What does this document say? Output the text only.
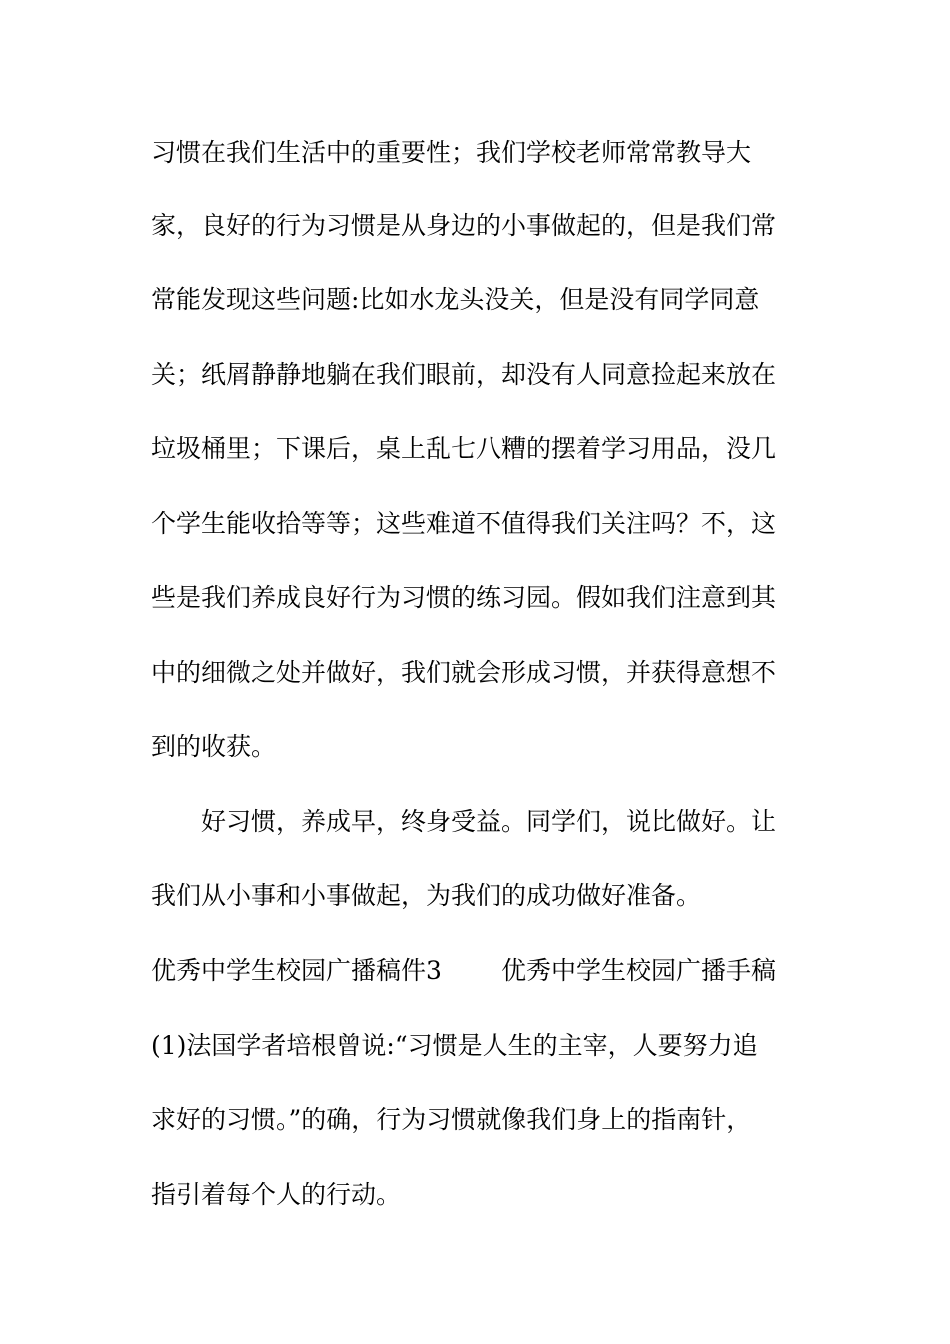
习惯在我们生活中的重要性；我们学校老师常常教导大
家，良好的行为习惯是从身边的小事做起的，但是我们常
常能发现这些问题:比如水龙头没关，但是没有同学同意
关；纸屑静静地躺在我们眼前，却没有人同意捡起来放在
垃圾桶里；下课后，桌上乱七八糟的摆着学习用品，没几
个学生能收拾等等；这些难道不值得我们关注吗？不，这
些是我们养成良好行为习惯的练习园。假如我们注意到其
中的细微之处并做好，我们就会形成习惯，并获得意想不
到的收获。
好习惯，养成早，终身受益。同学们，说比做好。让
我们从小事和小事做起，为我们的成功做好准备。
优秀中学生校园广播稿件3 优秀中学生校园广播手稿
(1)法国学者培根曾说:“习惯是人生的主宰，人要努力追
求好的习惯。”的确，行为习惯就像我们身上的指南针，
指引着每个人的行动。
